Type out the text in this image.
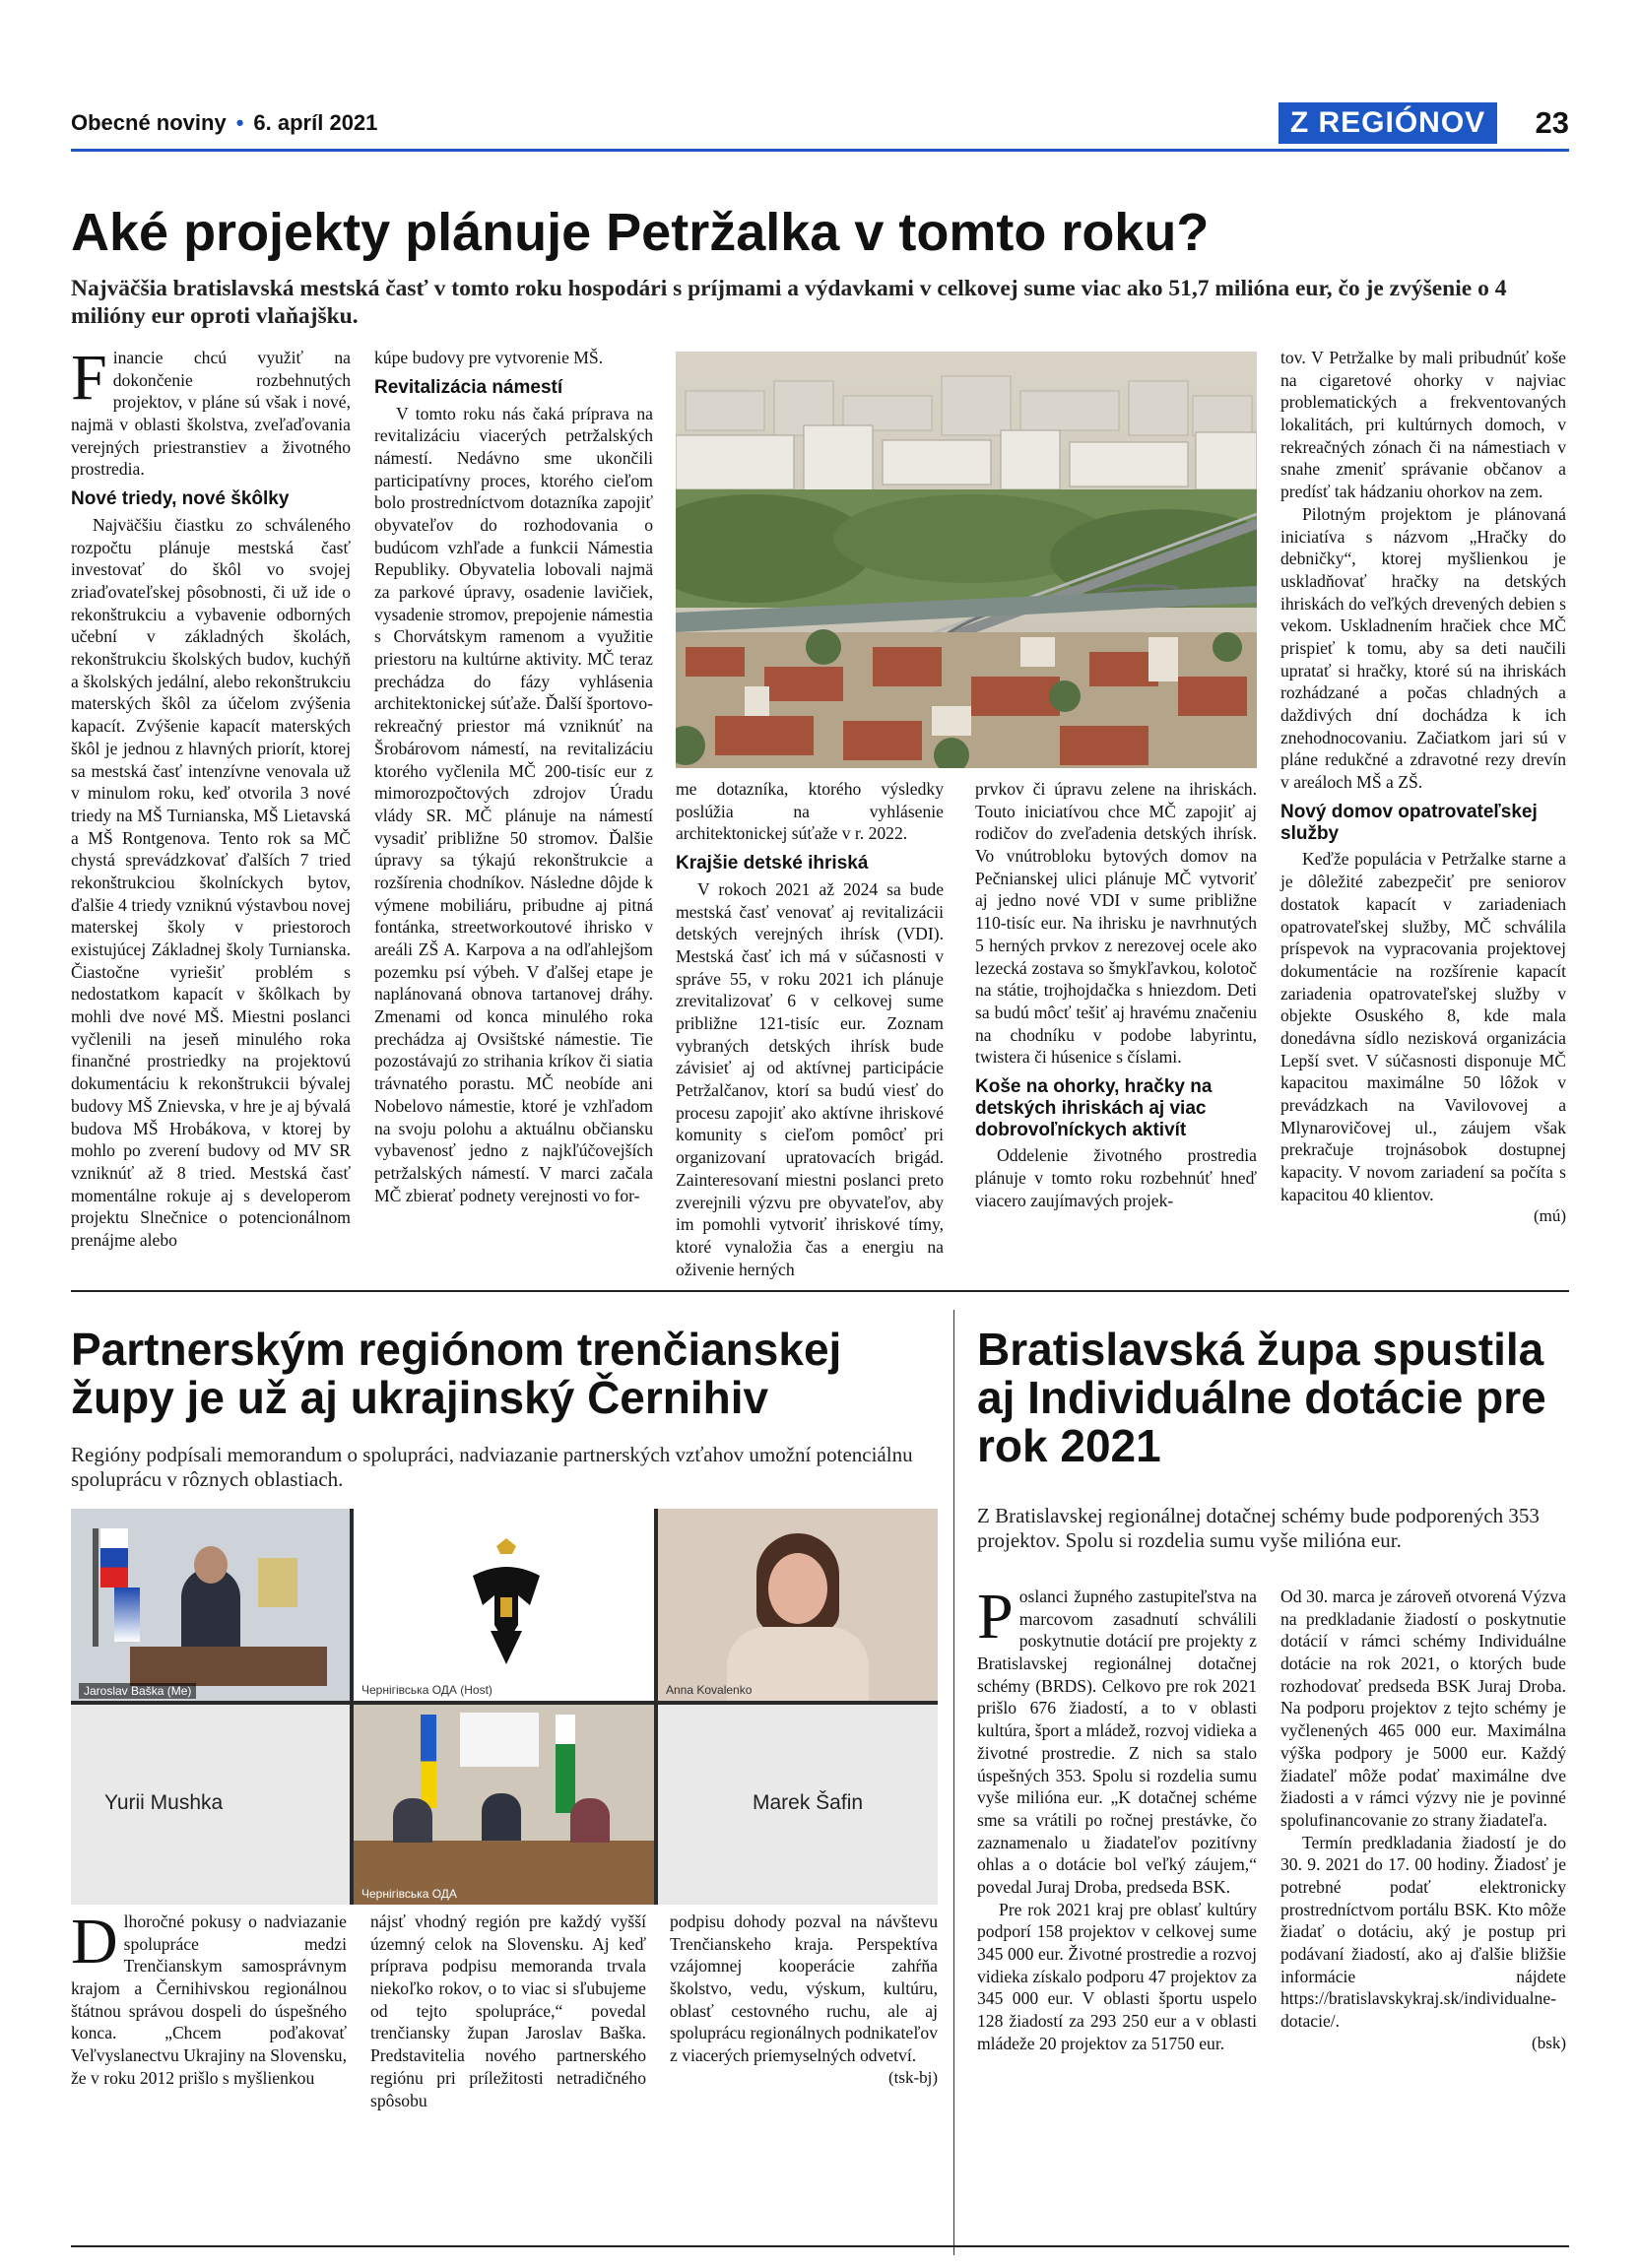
Obecné noviny • 6. apríl 2021	Z REGIÓNOV	23
Aké projekty plánuje Petržalka v tomto roku?
Najväčšia bratislavská mestská časť v tomto roku hospodári s príjmami a výdavkami v celkovej sume viac ako 51,7 milióna eur, čo je zvýšenie o 4 milióny eur oproti vlaňajšku.

Financie chcú využiť na dokončenie rozbehnutých projektov, v pláne sú však i nové, najmä v oblasti školstva, zveľaďovania verejných priestranstiev a životného prostredia.

Nové triedy, nové škôlky

Najväčšiu čiastku zo schváleného rozpočtu plánuje mestská časť investovať do škôl vo svojej zriaďovateľskej pôsobnosti, či už ide o rekonštrukciu a vybavenie odborných učební v základných školách, rekonštrukciu školských budov, kuchýň a školských jedální, alebo rekonštrukciu materských škôl za účelom zvýšenia kapacít. Zvýšenie kapacít materských škôl je jednou z hlavných priorít, ktorej sa mestská časť intenzívne venovala už v minulom roku, keď otvorila 3 nové triedy na MŠ Turnianska, MŠ Lietavská a MŠ Rontgenova. Tento rok sa MČ chystá sprevádzkovať ďalších 7 tried rekonštrukciou školníckych bytov, ďalšie 4 triedy vzniknú výstavbou novej materskej školy v priestoroch existujúcej Základnej školy Turnianska. Čiastočne vyriešiť problém s nedostatkom kapacít v škôlkach by mohli dve nové MŠ. Miestni poslanci vyčlenili na jeseň minulého roka finančné prostriedky na projektovú dokumentáciu k rekonštrukcii bývalej budovy MŠ Znievska, v hre je aj bývalá budova MŠ Hrobákova, v ktorej by mohlo po zverení budovy od MV SR vzniknúť až 8 tried. Mestská časť momentálne rokuje aj s developerom projektu Slnečnice o potencionálnom prenájme alebo

kúpe budovy pre vytvorenie MŠ.

Revitalizácia námestí

V tomto roku nás čaká príprava na revitalizáciu viacerých petržalských námestí. Nedávno sme ukončili participatívny proces, ktorého cieľom bolo prostredníctvom dotazníka zapojiť obyvateľov do rozhodovania o budúcom vzhľade a funkcii Námestia Republiky. Obyvatelia lobovali najmä za parkové úpravy, osadenie lavičiek, vysadenie stromov, prepojenie námestia s Chorvátskym ramenom a využitie priestoru na kultúrne aktivity. MČ teraz prechádza do fázy vyhlásenia architektonickej súťaže. Ďalší športovo-rekreačný priestor má vzniknúť na Šrobárovom námestí, na revitalizáciu ktorého vyčlenila MČ 200-tisíc eur z mimorozpočtových zdrojov Úradu vlády SR. MČ plánuje na námestí vysadiť približne 50 stromov. Ďalšie úpravy sa týkajú rekonštrukcie a rozšírenia chodníkov. Následne dôjde k výmene mobiliáru, pribudne aj pitná fontánka, streetworkoutové ihrisko v areáli ZŠ A. Karpova a na odľahlejšom pozemku psí výbeh. V ďalšej etape je naplánovaná obnova tartanovej dráhy. Zmenami od konca minulého roka prechádza aj Ovsištské námestie. Tie pozostávajú zo strihania kríkov či siatia trávnatého porastu. MČ neobíde ani Nobelovo námestie, ktoré je vzhľadom na svoju polohu a aktuálnu občiansku vybavenosť jedno z najkľúčovejších petržalských námestí. V marci začala MČ zbierať podnety verejnosti vo for-

me dotazníka, ktorého výsledky poslúžia na vyhlásenie architektonickej súťaže v r. 2022.

Krajšie detské ihriská

V rokoch 2021 až 2024 sa bude mestská časť venovať aj revitalizácii detských verejných ihrísk (VDI). Mestská časť ich má v súčasnosti v správe 55, v roku 2021 ich plánuje zrevitalizovať 6 v celkovej sume približne 121-tisíc eur. Zoznam vybraných detských ihrísk bude závisieť aj od aktívnej participácie Petržalčanov, ktorí sa budú viesť do procesu zapojiť ako aktívne ihriskové komunity s cieľom pomôcť pri organizovaní upratovacích brigád. Zainteresovaní miestni poslanci preto zverejnili výzvu pre obyvateľov, aby im pomohli vytvoriť ihriskové tímy, ktoré vynaložia čas a energiu na oživenie herných

prvkov či úpravu zelene na ihriskách. Touto iniciatívou chce MČ zapojiť aj rodičov do zveľadenia detských ihrísk. Vo vnútrobloku bytových domov na Pečnianskej ulici plánuje MČ vytvoriť aj jedno nové VDI v sume približne 110-tisíc eur. Na ihrisku je navrhnutých 5 herných prvkov z nerezovej ocele ako lezecká zostava so šmykľavkou, kolotoč na státie, trojhojdačka s hniezdom. Deti sa budú môcť tešiť aj hravému značeniu na chodníku v podobe labyrintu, twistera či húsenice s číslami.

Koše na ohorky, hračky na detských ihriskách aj viac dobrovoľníckych aktivít

Oddelenie životného prostredia plánuje v tomto roku rozbehnúť hneď viacero zaujímavých projek-

tov. V Petržalke by mali pribudnúť koše na cigaretové ohorky v najviac problematických a frekventovaných lokalitách, pri kultúrnych domoch, v rekreačných zónach či na námestiach v snahe zmeniť správanie občanov a predísť tak hádzaniu ohorkov na zem.

Pilotným projektom je plánovaná iniciatíva s názvom „Hračky do debničky“, ktorej myšlienkou je uskladňovať hračky na detských ihriskách do veľkých drevených debien s vekom. Uskladnením hračiek chce MČ prispieť k tomu, aby sa deti naučili upratať si hračky, ktoré sú na ihriskách rozhádzané a počas chladných a daždivých dní dochádza k ich znehodnocovaniu. Začiatkom jari sú v pláne redukčné a zdravotné rezy drevín v areáloch MŠ a ZŠ.

Nový domov opatrovateľskej služby

Keďže populácia v Petržalke starne a je dôležité zabezpečiť pre seniorov dostatok kapacít v zariadeniach opatrovateľskej služby, MČ schválila príspevok na vypracovania projektovej dokumentácie na rozšírenie kapacít zariadenia opatrovateľskej služby v objekte Osuského 8, kde mala donedávna sídlo nezisková organizácia Lepší svet. V súčasnosti disponuje MČ kapacitou maximálne 50 lôžok v prevádzkach na Vavilovovej a Mlynarovičovej ul., záujem však prekračuje trojnásobok dostupnej kapacity. V novom zariadení sa počíta s kapacitou 40 klientov.

(mú)
Partnerským regiónom trenčianskej župy je už aj ukrajinský Černihiv
Regióny podpísali memorandum o spolupráci, nadviazanie partnerských vzťahov umožní potenciálnu spoluprácu v rôznych oblastiach.
Jaroslav Baška (Me)	Чернігівська ОДА (Host)	Anna Kovalenko
Yurii Mushka
Чернігівська ОДА
Marek Šafin

Dlhoročné pokusy o nadviazanie spolupráce medzi Trenčianskym samosprávnym krajom a Černihivskou regionálnou štátnou správou dospeli do úspešného konca. „Chcem poďakovať Veľvyslanectvu Ukrajiny na Slovensku, že v roku 2012 prišlo s myšlienkou

nájsť vhodný región pre každý vyšší územný celok na Slovensku. Aj keď príprava podpisu memoranda trvala niekoľko rokov, o to viac si sľubujeme od tejto spolupráce,“ povedal trenčiansky župan Jaroslav Baška. Predstavitelia nového partnerského regiónu pri príležitosti netradičného spôsobu

podpisu dohody pozval na návštevu Trenčianskeho kraja. Perspektíva vzájomnej kooperácie zahŕňa školstvo, vedu, výskum, kultúru, oblasť cestovného ruchu, ale aj spoluprácu regionálnych podnikateľov z viacerých priemyselných odvetví.

(tsk-bj)
Bratislavská župa spustila aj Individuálne dotácie pre rok 2021
Z Bratislavskej regionálnej dotačnej schémy bude podporených 353 projektov. Spolu si rozdelia sumu vyše milióna eur.

Poslanci župného zastupiteľstva na marcovom zasadnutí schválili poskytnutie dotácií pre projekty z Bratislavskej regionálnej dotačnej schémy (BRDS). Celkovo pre rok 2021 prišlo 676 žiadostí, a to v oblasti kultúra, šport a mládež, rozvoj vidieka a životné prostredie. Z nich sa stalo úspešných 353. Spolu si rozdelia sumu vyše milióna eur. „K dotačnej schéme sme sa vrátili po ročnej prestávke, čo zaznamenalo u žiadateľov pozitívny ohlas a o dotácie bol veľký záujem,“ povedal Juraj Droba, predseda BSK.

Pre rok 2021 kraj pre oblasť kultúry podporí 158 projektov v celkovej sume 345 000 eur. Životné prostredie a rozvoj vidieka získalo podporu 47 projektov za 345 000 eur. V oblasti športu uspelo 128 žiadostí za 293 250 eur a v oblasti mládeže 20 projektov za 51750 eur.

Od 30. marca je zároveň otvorená Výzva na predkladanie žiadostí o poskytnutie dotácií v rámci schémy Individuálne dotácie na rok 2021, o ktorých bude rozhodovať predseda BSK Juraj Droba. Na podporu projektov z tejto schémy je vyčlenených 465 000 eur. Maximálna výška podpory je 5000 eur. Každý žiadateľ môže podať maximálne dve žiadosti a v rámci výzvy nie je povinné spolufinancovanie zo strany žiadateľa.

Termín predkladania žiadostí je do 30. 9. 2021 do 17. 00 hodiny. Žiadosť je potrebné podať elektronicky prostredníctvom portálu BSK. Kto môže žiadať o dotáciu, aký je postup pri podávaní žiadostí, ako aj ďalšie bližšie informácie nájdete https://bratislavskykraj.sk/individualne-dotacie/.

(bsk)
